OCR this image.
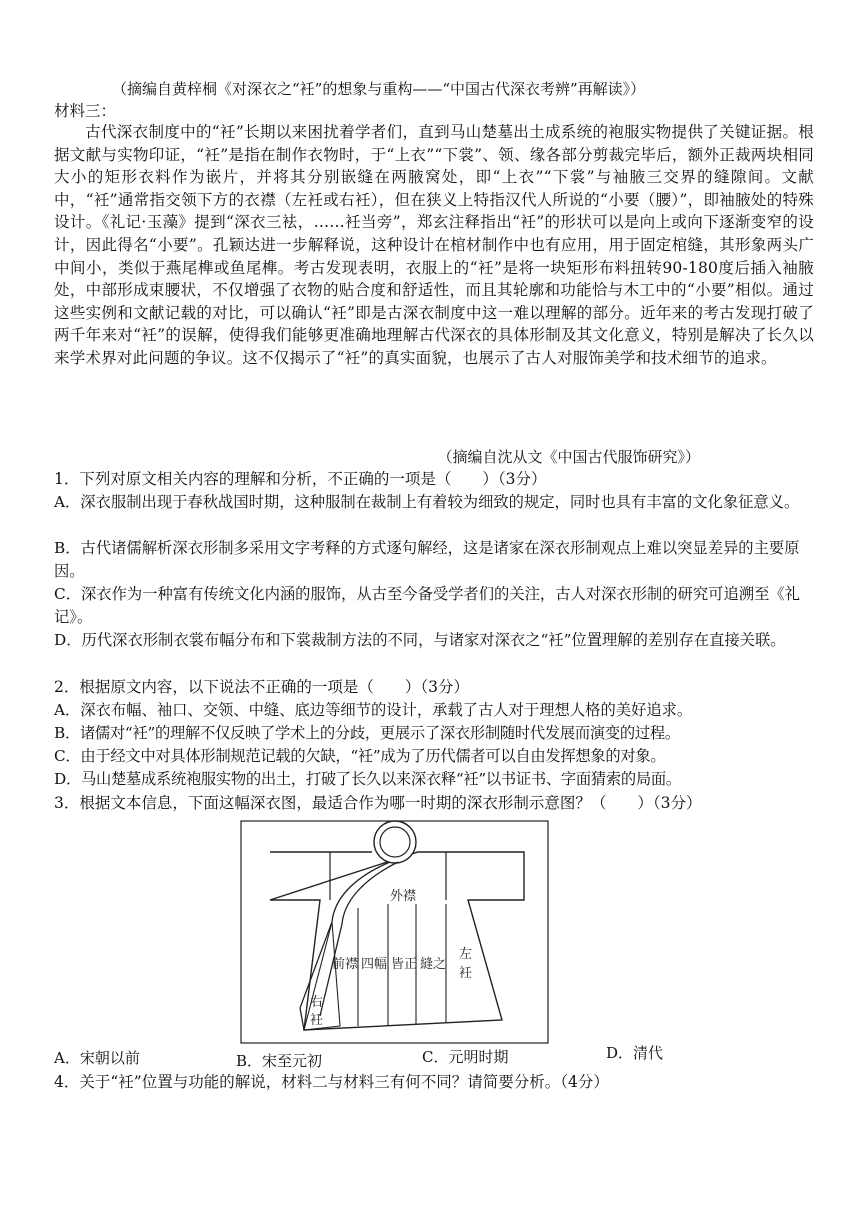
（摘编自黄梓桐《对深衣之“衽”的想象与重构——“中国古代深衣考辨”再解读》）
材料三：
古代深衣制度中的“衽”长期以来困扰着学者们，直到马山楚墓出土成系统的袍服实物提供了关键证据。根据文献与实物印证，“衽”是指在制作衣物时，于“上衣”“下裳”、领、缘各部分剪裁完毕后，额外正裁两块相同大小的矩形衣料作为嵌片，并将其分别嵌缝在两腋窝处，即“上衣”“下裳”与袖腋三交界的缝隙间。文献中，“衽”通常指交领下方的衣襟（左衽或右衽），但在狭义上特指汉代人所说的“小要（腰）”，即袖腋处的特殊设计。《礼记·玉藻》提到“深衣三袪，……衽当旁”，郑玄注释指出“衽”的形状可以是向上或向下逐渐变窄的设计，因此得名“小要”。孔颖达进一步解释说，这种设计在棺材制作中也有应用，用于固定棺缝，其形象两头广中间小，类似于燕尾榫或鱼尾榫。考古发现表明，衣服上的“衽”是将一块矩形布料扭转90-180度后插入袖腋处，中部形成束腰状，不仅增强了衣物的贴合度和舒适性，而且其轮廓和功能恰与木工中的“小要”相似。通过这些实例和文献记载的对比，可以确认“衽”即是古深衣制度中这一难以理解的部分。近年来的考古发现打破了两千年来对“衽”的误解，使得我们能够更准确地理解古代深衣的具体形制及其文化意义，特别是解决了长久以来学术界对此问题的争议。这不仅揭示了“衽”的真实面貌，也展示了古人对服饰美学和技术细节的追求。
（摘编自沈从文《中国古代服饰研究》）
1．下列对原文相关内容的理解和分析，不正确的一项是（　　）（3分）
A．深衣服制出现于春秋战国时期，这种服制在裁制上有着较为细致的规定，同时也具有丰富的文化象征意义。
B．古代诸儒解析深衣形制多采用文字考释的方式逐句解经，这是诸家在深衣形制观点上难以突显差异的主要原因。
C．深衣作为一种富有传统文化内涵的服饰，从古至今备受学者们的关注，古人对深衣形制的研究可追溯至《礼记》。
D．历代深衣形制衣裳布幅分布和下裳裁制方法的不同，与诸家对深衣之“衽”位置理解的差别存在直接关联。
2．根据原文内容，以下说法不正确的一项是（　　）（3分）
A．深衣布幅、袖口、交领、中缝、底边等细节的设计，承载了古人对于理想人格的美好追求。
B．诸儒对“衽”的理解不仅反映了学术上的分歧，更展示了深衣形制随时代发展而演变的过程。
C．由于经文中对具体形制规范记载的欠缺，“衽”成为了历代儒者可以自由发挥想象的对象。
D．马山楚墓成系统袍服实物的出土，打破了长久以来深衣释“衽”以书证书、字面猜索的局面。
3．根据文本信息，下面这幅深衣图，最适合作为哪一时期的深衣形制示意图？（　　）（3分）
外襟
前襟 四幅 皆正 縫之
左
衽
右
衽
A．宋朝以前	B．宋至元初	C．元明时期	D．清代
4．关于“衽”位置与功能的解说，材料二与材料三有何不同？请简要分析。（4分）
